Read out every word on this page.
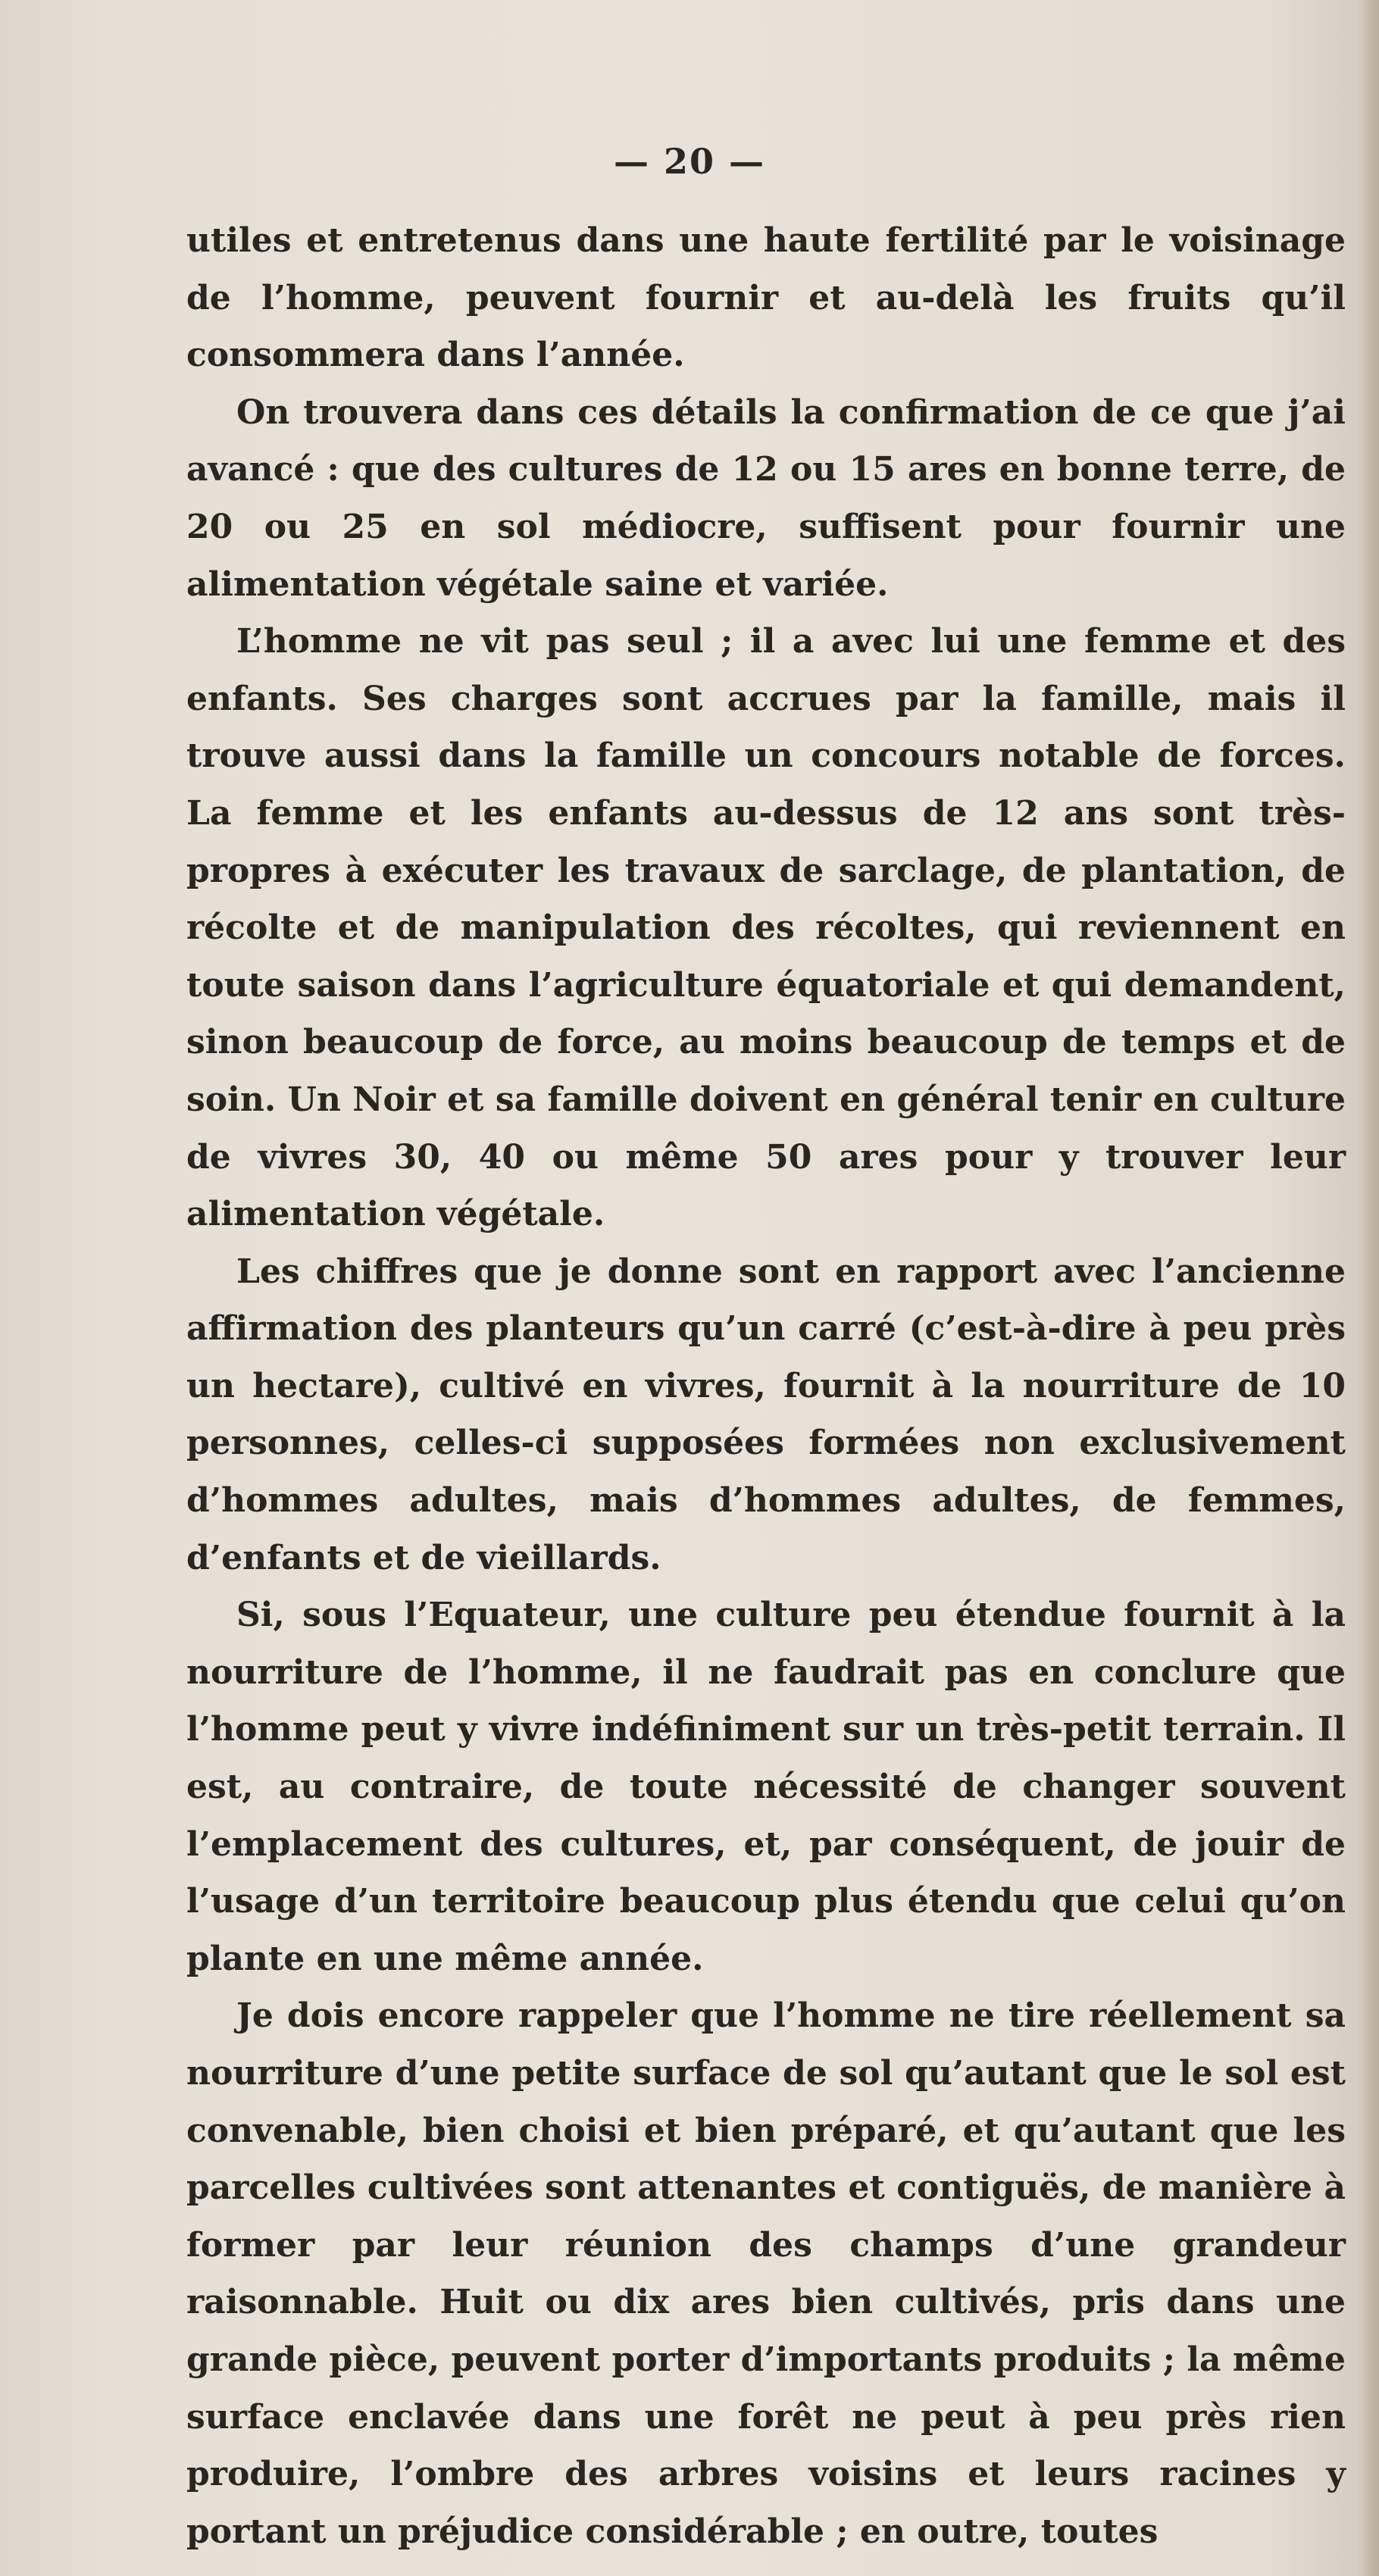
— 20 —

utiles et entretenus dans une haute fertilité par le voisinage de l’homme, peuvent fournir et au-delà les fruits qu’il consommera dans l’année.

On trouvera dans ces détails la confirmation de ce que j’ai avancé : que des cultures de 12 ou 15 ares en bonne terre, de 20 ou 25 en sol médiocre, suffisent pour fournir une alimentation végétale saine et variée.

L’homme ne vit pas seul ; il a avec lui une femme et des enfants. Ses charges sont accrues par la famille, mais il trouve aussi dans la famille un concours notable de forces. La femme et les enfants au-dessus de 12 ans sont très-propres à exécuter les travaux de sarclage, de plantation, de récolte et de manipulation des récoltes, qui reviennent en toute saison dans l’agriculture équatoriale et qui demandent, sinon beaucoup de force, au moins beaucoup de temps et de soin. Un Noir et sa famille doivent en général tenir en culture de vivres 30, 40 ou même 50 ares pour y trouver leur alimentation végétale.

Les chiffres que je donne sont en rapport avec l’ancienne affirmation des planteurs qu’un carré (c’est-à-dire à peu près un hectare), cultivé en vivres, fournit à la nourriture de 10 personnes, celles-ci supposées formées non exclusivement d’hommes adultes, mais d’hommes adultes, de femmes, d’enfants et de vieillards.

Si, sous l’Equateur, une culture peu étendue fournit à la nourriture de l’homme, il ne faudrait pas en conclure que l’homme peut y vivre indéfiniment sur un très-petit terrain. Il est, au contraire, de toute nécessité de changer souvent l’emplacement des cultures, et, par conséquent, de jouir de l’usage d’un territoire beaucoup plus étendu que celui qu’on plante en une même année.

Je dois encore rappeler que l’homme ne tire réellement sa nourriture d’une petite surface de sol qu’autant que le sol est convenable, bien choisi et bien préparé, et qu’autant que les parcelles cultivées sont attenantes et contiguës, de manière à former par leur réunion des champs d’une grandeur raisonnable. Huit ou dix ares bien cultivés, pris dans une grande pièce, peuvent porter d’importants produits ; la même surface enclavée dans une forêt ne peut à peu près rien produire, l’ombre des arbres voisins et leurs racines y portant un préjudice considérable ; en outre, toutes
